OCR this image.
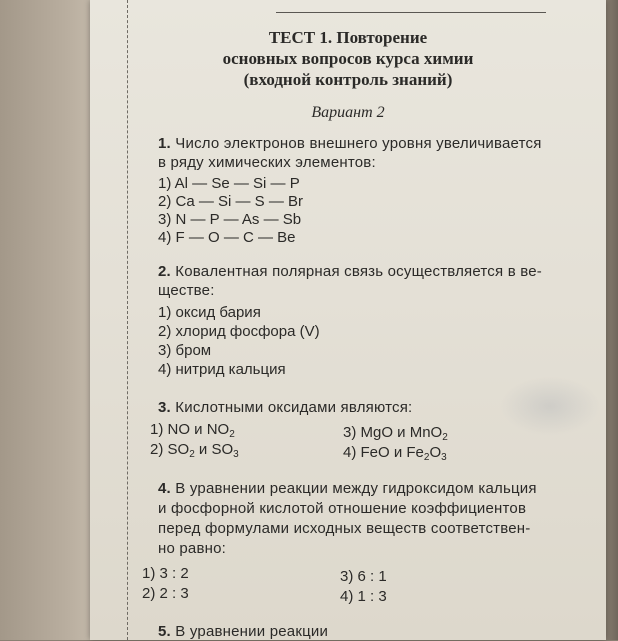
ТЕСТ 1. Повторение
основных вопросов курса химии
(входной контроль знаний)
Вариант 2
1. Число электронов внешнего уровня увеличивается
в ряду химических элементов:
1) Al — Se — Si — P
2) Ca — Si — S — Br
3) N — P — As — Sb
4) F — O — C — Be
2. Ковалентная полярная связь осуществляется в ве-
ществе:
1) оксид бария
2) хлорид фосфора (V)
3) бром
4) нитрид кальция
3. Кислотными оксидами являются:
1) NO и $NO_2$
2) $SO_2$ и $SO_3$
3) MgO и MnO$_2$
4) FeO и $Fe_2O_3$
4. В уравнении реакции между гидроксидом кальция
и фосфорной кислотой отношение коэффициентов
перед формулами исходных веществ соответствен-
но равно:
1) 3 : 2
2) 2 : 3
3) 6 : 1
4) 1 : 3
5. В уравнении реакции
